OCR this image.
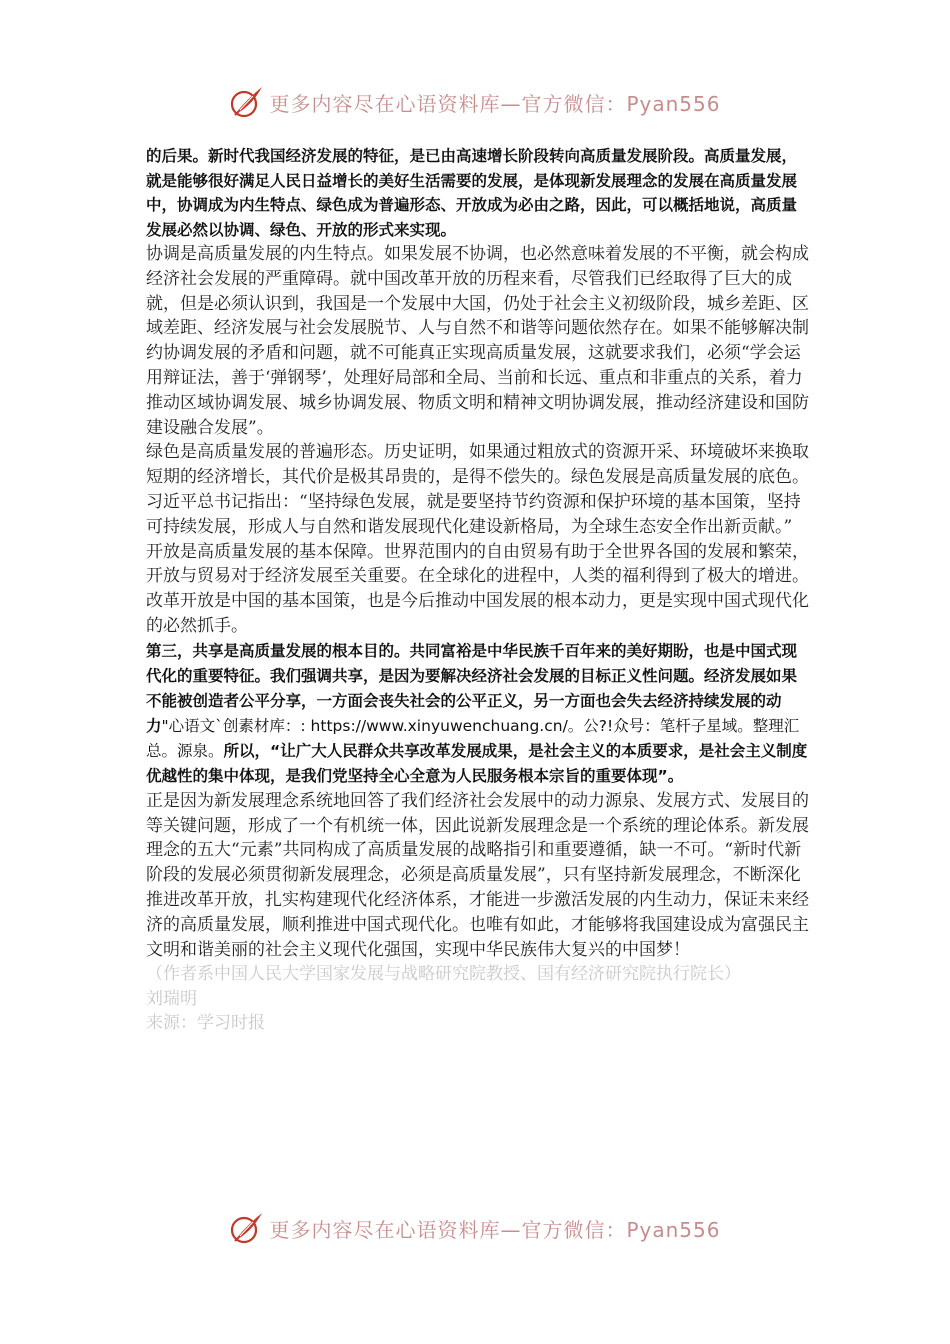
更多内容尽在心语资料库—官方微信：Pyan556

的后果。新时代我国经济发展的特征，是已由高速增长阶段转向高质量发展阶段。高质量发展，就是能够很好满足人民日益增长的美好生活需要的发展，是体现新发展理念的发展在高质量发展中，协调成为内生特点、绿色成为普遍形态、开放成为必由之路，因此，可以概括地说，高质量发展必然以协调、绿色、开放的形式来实现。

协调是高质量发展的内生特点。如果发展不协调，也必然意味着发展的不平衡，就会构成经济社会发展的严重障碍。就中国改革开放的历程来看，尽管我们已经取得了巨大的成就，但是必须认识到，我国是一个发展中大国，仍处于社会主义初级阶段，城乡差距、区域差距、经济发展与社会发展脱节、人与自然不和谐等问题依然存在。如果不能够解决制约协调发展的矛盾和问题，就不可能真正实现高质量发展，这就要求我们，必须“学会运用辩证法，善于‘弹钢琴’，处理好局部和全局、当前和长远、重点和非重点的关系，着力推动区域协调发展、城乡协调发展、物质文明和精神文明协调发展，推动经济建设和国防建设融合发展”。

绿色是高质量发展的普遍形态。历史证明，如果通过粗放式的资源开采、环境破坏来换取短期的经济增长，其代价是极其昂贵的，是得不偿失的。绿色发展是高质量发展的底色。习近平总书记指出：“坚持绿色发展，就是要坚持节约资源和保护环境的基本国策，坚持可持续发展，形成人与自然和谐发展现代化建设新格局，为全球生态安全作出新贡献。”

开放是高质量发展的基本保障。世界范围内的自由贸易有助于全世界各国的发展和繁荣，开放与贸易对于经济发展至关重要。在全球化的进程中，人类的福利得到了极大的增进。改革开放是中国的基本国策，也是今后推动中国发展的根本动力，更是实现中国式现代化的必然抓手。

第三，共享是高质量发展的根本目的。共同富裕是中华民族千百年来的美好期盼，也是中国式现代化的重要特征。我们强调共享，是因为要解决经济社会发展的目标正义性问题。经济发展如果不能被创造者公平分享，一方面会丧失社会的公平正义，另一方面也会失去经济持续发展的动力"心语文`创素材库：: https://www.xinyuwenchuang.cn/。公?!众号：笔杆子星域。整理汇总。源泉。所以，“让广大人民群众共享改革发展成果，是社会主义的本质要求，是社会主义制度优越性的集中体现，是我们党坚持全心全意为人民服务根本宗旨的重要体现”。

正是因为新发展理念系统地回答了我们经济社会发展中的动力源泉、发展方式、发展目的等关键问题，形成了一个有机统一体，因此说新发展理念是一个系统的理论体系。新发展理念的五大“元素”共同构成了高质量发展的战略指引和重要遵循，缺一不可。“新时代新阶段的发展必须贯彻新发展理念，必须是高质量发展”，只有坚持新发展理念，不断深化推进改革开放，扎实构建现代化经济体系，才能进一步激活发展的内生动力，保证未来经济的高质量发展，顺利推进中国式现代化。也唯有如此，才能够将我国建设成为富强民主文明和谐美丽的社会主义现代化强国，实现中华民族伟大复兴的中国梦！

（作者系中国人民大学国家发展与战略研究院教授、国有经济研究院执行院长）

刘瑞明

来源：学习时报

更多内容尽在心语资料库—官方微信：Pyan556
